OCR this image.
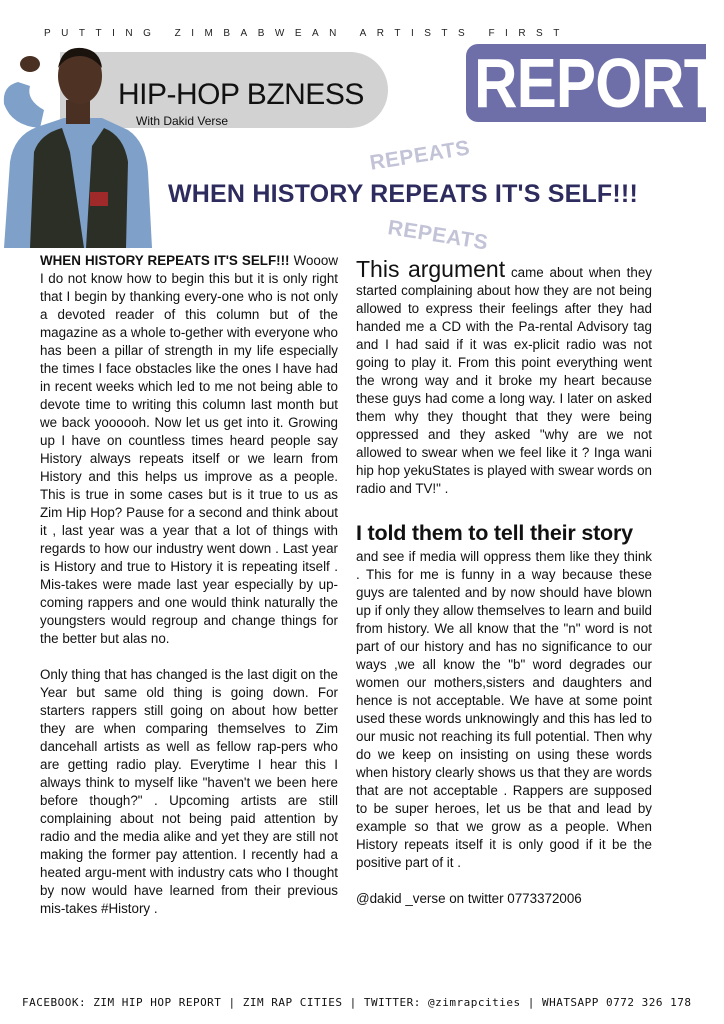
PUTTING ZIMBABWEAN ARTISTS FIRST
REPORT
HIP-HOP BZNESS
With Dakid Verse
REPEATS
WHEN HISTORY REPEATS IT'S SELF!!!
REPEATS

WHEN HISTORY REPEATS IT'S SELF!!! Wooow I do not know how to begin this but it is only right that I begin by thanking every-one who is not only a devoted reader of this column but of the magazine as a whole to-gether with everyone who has been a pillar of strength in my life especially the times I face obstacles like the ones I have had in recent weeks which led to me not being able to devote time to writing this column last month but we back yoooooh. Now let us get into it. Growing up I have on countless times heard people say History always repeats itself or we learn from History and this helps us improve as a people. This is true in some cases but is it true to us as Zim Hip Hop? Pause for a second and think about it , last year was a year that a lot of things with regards to how our industry went down . Last year is History and true to History it is repeating itself . Mis-takes were made last year especially by up-coming rappers and one would think naturally the youngsters would regroup and change things for the better but alas no.

Only thing that has changed is the last digit on the Year but same old thing is going down. For starters rappers still going on about how better they are when comparing themselves to Zim dancehall artists as well as fellow rap-pers who are getting radio play. Everytime I hear this I always think to myself like "haven't we been here before though?" . Upcoming artists are still complaining about not being paid attention by radio and the media alike and yet they are still not making the former pay attention. I recently had a heated argu-ment with industry cats who I thought by now would have learned from their previous mis-takes #History .

This argument came about when they started complaining about how they are not being allowed to express their feelings after they had handed me a CD with the Pa-rental Advisory tag and I had said if it was ex-plicit radio was not going to play it. From this point everything went the wrong way and it broke my heart because these guys had come a long way. I later on asked them why they thought that they were being oppressed and they asked "why are we not allowed to swear when we feel like it ? Inga wani hip hop yekuStates is played with swear words on radio and TV!" .

I told them to tell their story

and see if media will oppress them like they think . This for me is funny in a way because these guys are talented and by now should have blown up if only they allow themselves to learn and build from history. We all know that the "n" word is not part of our history and has no significance to our ways ,we all know the "b" word degrades our women our mothers,sisters and daughters and hence is not acceptable. We have at some point used these words unknowingly and this has led to our music not reaching its full potential. Then why do we keep on insisting on using these words when history clearly shows us that they are words that are not acceptable . Rappers are supposed to be super heroes, let us be that and lead by example so that we grow as a people. When History repeats itself it is only good if it be the positive part of it .

@dakid _verse on twitter 0773372006

FACEBOOK: ZIM HIP HOP REPORT | ZIM RAP CITIES | TWITTER: @zimrapcities | WHATSAPP 0772 326 178
